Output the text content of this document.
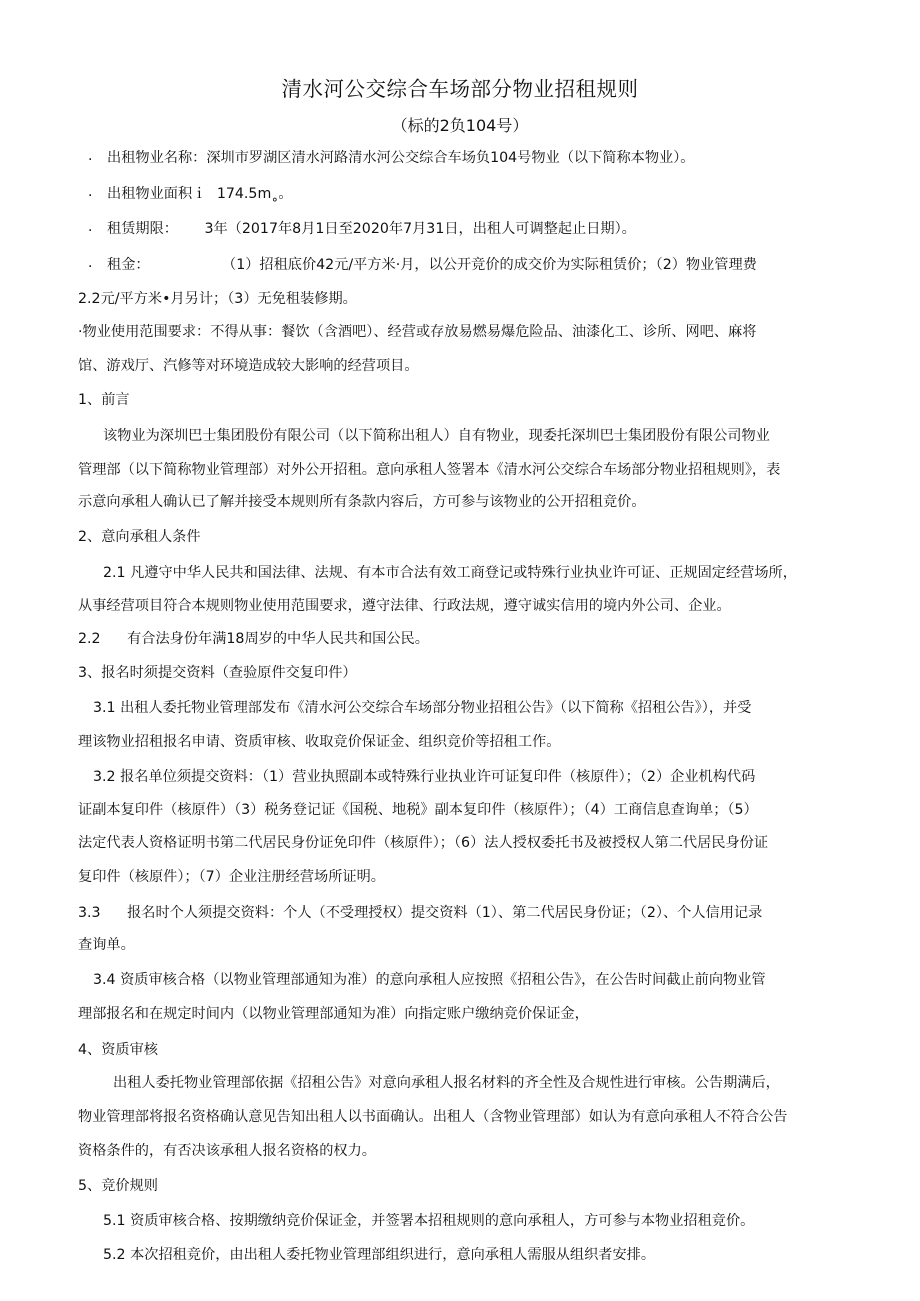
清水河公交综合车场部分物业招租规则
（标的2负104号）
· 出租物业名称：深圳市罗湖区清水河路清水河公交综合车场负104号物业（以下简称本物业）。
· 出租物业面积ｉ 174.5m˳。
· 租赁期限： 3年（2017年8月1日至2020年7月31日，出租人可调整起止日期）。
· 租金：	（1）招租底价42元/平方米·月，以公开竞价的成交价为实际租赁价；（2）物业管理费
2.2元/平方米•月另计；（3）无免租装修期。
·物业使用范围要求：不得从事：餐饮（含酒吧）、经营或存放易燃易爆危险品、油漆化工、诊所、网吧、麻将
馆、游戏厅、汽修等对环境造成较大影响的经营项目。
1、前言
该物业为深圳巴士集团股份有限公司（以下简称出租人）自有物业，现委托深圳巴士集团股份有限公司物业
管理部（以下简称物业管理部）对外公开招租。意向承租人签署本《清水河公交综合车场部分物业招租规则》，表
示意向承租人确认已了解并接受本规则所有条款内容后，方可参与该物业的公开招租竞价。
2、意向承租人条件
2.1 凡遵守中华人民共和国法律、法规、有本市合法有效工商登记或特殊行业执业许可证、正规固定经营场所，
从事经营项目符合本规则物业使用范围要求，遵守法律、行政法规，遵守诚实信用的境内外公司、企业。
2.2 有合法身份年满18周岁的中华人民共和国公民。
3、报名时须提交资料（查验原件交复印件）
3.1 出租人委托物业管理部发布《清水河公交综合车场部分物业招租公告》（以下简称《招租公告》），并受
理该物业招租报名申请、资质审核、收取竞价保证金、组织竞价等招租工作。
3.2 报名单位须提交资料：（1）营业执照副本或特殊行业执业许可证复印件（核原件）；（2）企业机构代码
证副本复印件（核原件）（3）税务登记证《国税、地税》副本复印件（核原件）；（4）工商信息查询单；（5）
法定代表人资格证明书第二代居民身份证免印件（核原件）；（6）法人授权委托书及被授权人第二代居民身份证
复印件（核原件）；（7）企业注册经营场所证明。
3.3 报名时个人须提交资料：个人（不受理授权）提交资料（1）、第二代居民身份证；（2）、个人信用记录
查询单。
3.4 资质审核合格（以物业管理部通知为准）的意向承租人应按照《招租公告》，在公告时间截止前向物业管
理部报名和在规定时间内（以物业管理部通知为准）向指定账户缴纳竞价保证金，
4、资质审核
出租人委托物业管理部依据《招租公告》对意向承租人报名材料的齐全性及合规性进行审核。公告期满后，
物业管理部将报名资格确认意见告知出租人以书面确认。出租人（含物业管理部）如认为有意向承租人不符合公告
资格条件的，有否决该承租人报名资格的权力。
5、竞价规则
5.1 资质审核合格、按期缴纳竞价保证金，并签署本招租规则的意向承租人，方可参与本物业招租竞价。
5.2 本次招租竞价，由出租人委托物业管理部组织进行，意向承租人需服从组织者安排。
